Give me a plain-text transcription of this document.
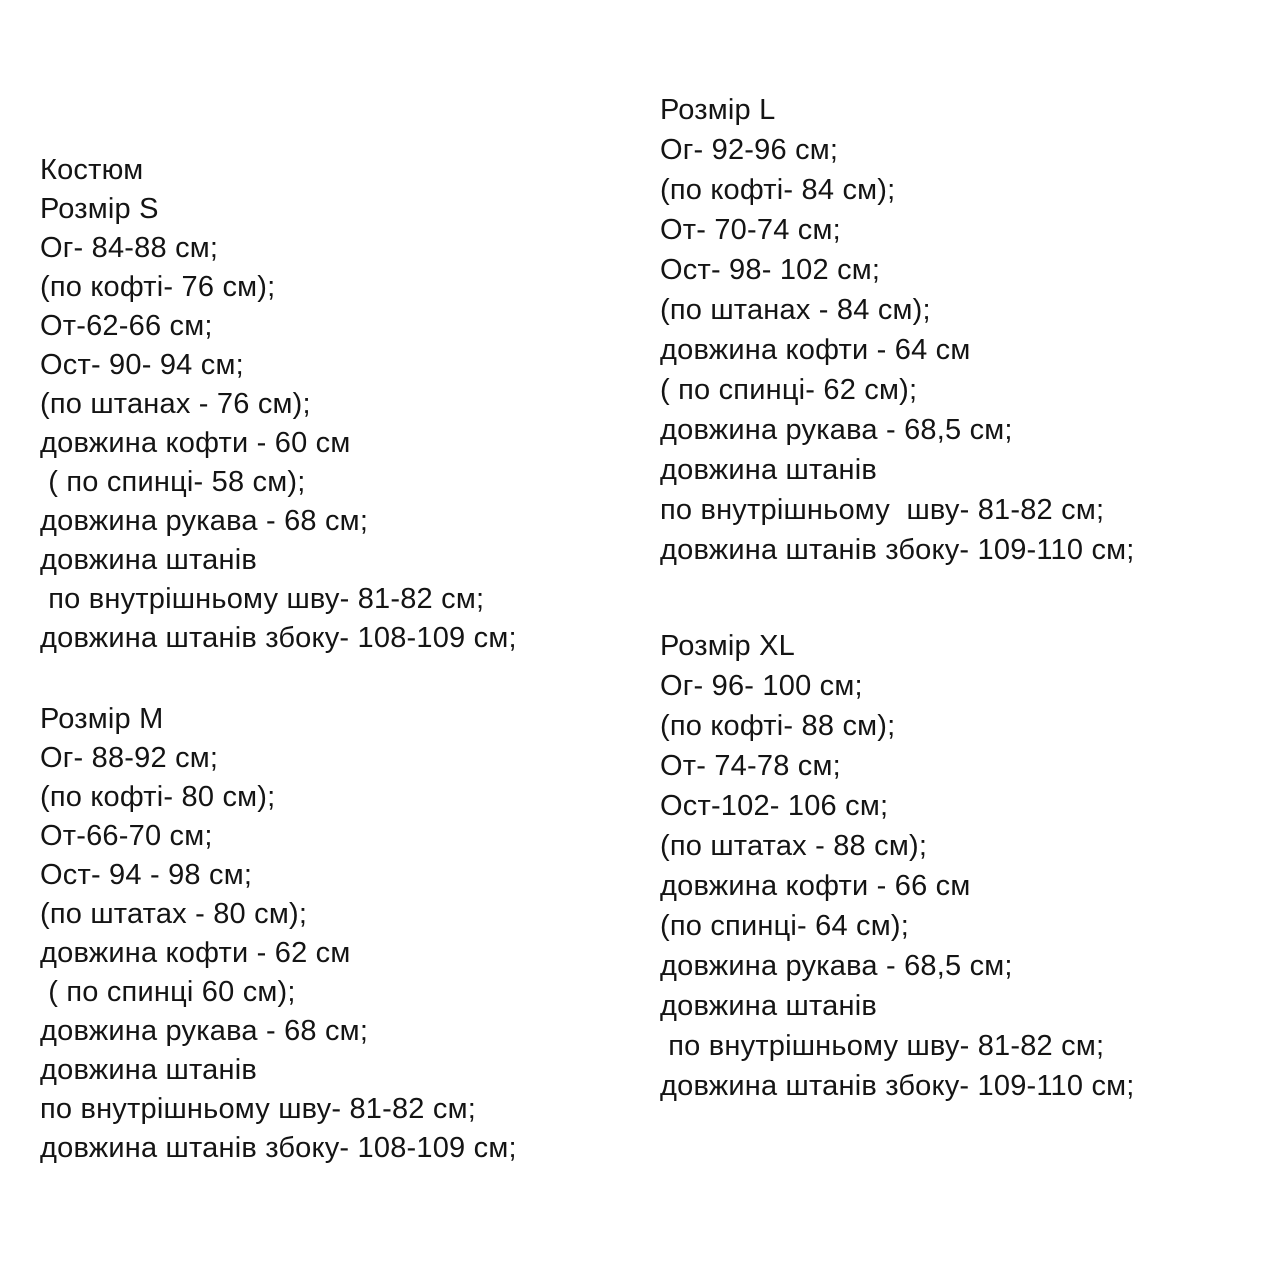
Костюм
Розмір S
Ог- 84-88 см;
(по кофті- 76 см);
От-62-66 см;
Ост- 90- 94 см;
(по штанах - 76 см);
довжина кофти - 60 см
( по спинці- 58 см);
довжина рукава - 68 см;
довжина штанів
по внутрішньому шву- 81-82 см;
довжина штанів збоку- 108-109 см;
Розмір M
Ог- 88-92 см;
(по кофті- 80 см);
От-66-70 см;
Ост- 94 - 98 см;
(по штатах - 80 см);
довжина кофти - 62 см
( по спинці 60 см);
довжина рукава - 68 см;
довжина штанів
по внутрішньому шву- 81-82 см;
довжина штанів збоку- 108-109 см;
Розмір L
Ог- 92-96 см;
(по кофті- 84 см);
От- 70-74 см;
Ост- 98- 102 см;
(по штанах - 84 см);
довжина кофти - 64 см
( по спинці- 62 см);
довжина рукава - 68,5 см;
довжина штанів
по внутрішньому  шву- 81-82 см;
довжина штанів збоку- 109-110 см;
Розмір XL
Ог- 96- 100 см;
(по кофті- 88 см);
От- 74-78 см;
Ост-102- 106 см;
(по штатах - 88 см);
довжина кофти - 66 см
(по спинці- 64 см);
довжина рукава - 68,5 см;
довжина штанів
по внутрішньому шву- 81-82 см;
довжина штанів збоку- 109-110 см;
